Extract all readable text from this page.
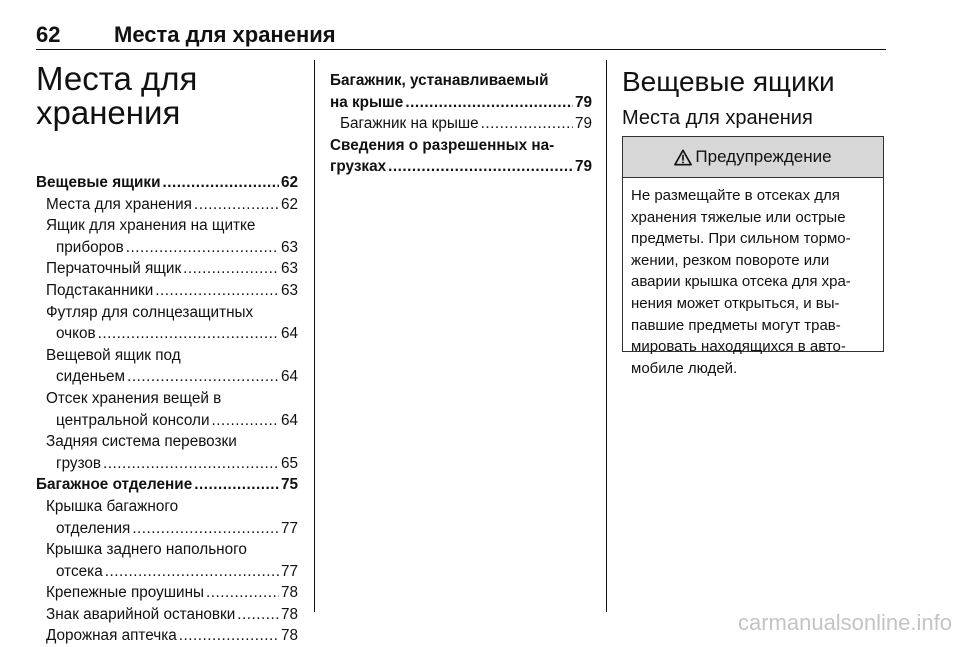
62 Места для хранения
Места для
хранения
Вещевые ящики .....	62
Места для хранения .....	62
Ящик для хранения на щитке
приборов .....	63
Перчаточный ящик .....	63
Подстаканники .....	63
Футляр для солнцезащитных
очков .....	64
Вещевой ящик под
сиденьем .....	64
Отсек хранения вещей в
центральной консоли .....	64
Задняя система перевозки
грузов .....	65
Багажное отделение .....	75
Крышка багажного
отделения .....	77
Крышка заднего напольного
отсека .....	77
Крепежные проушины .....	78
Знак аварийной остановки .....	78
Дорожная аптечка .....	78
Багажник, устанавливаемый
на крыше .....	79
Багажник на крыше .....	79
Сведения о разрешенных на-
грузках .....	79
Вещевые ящики
Места для хранения
Предупреждение
Не размещайте в отсеках для
хранения тяжелые или острые
предметы. При сильном тормо-
жении, резком повороте или
аварии крышка отсека для хра-
нения может открыться, и вы-
павшие предметы могут трав-
мировать находящихся в авто-
мобиле людей.
carmanualsonline.info
